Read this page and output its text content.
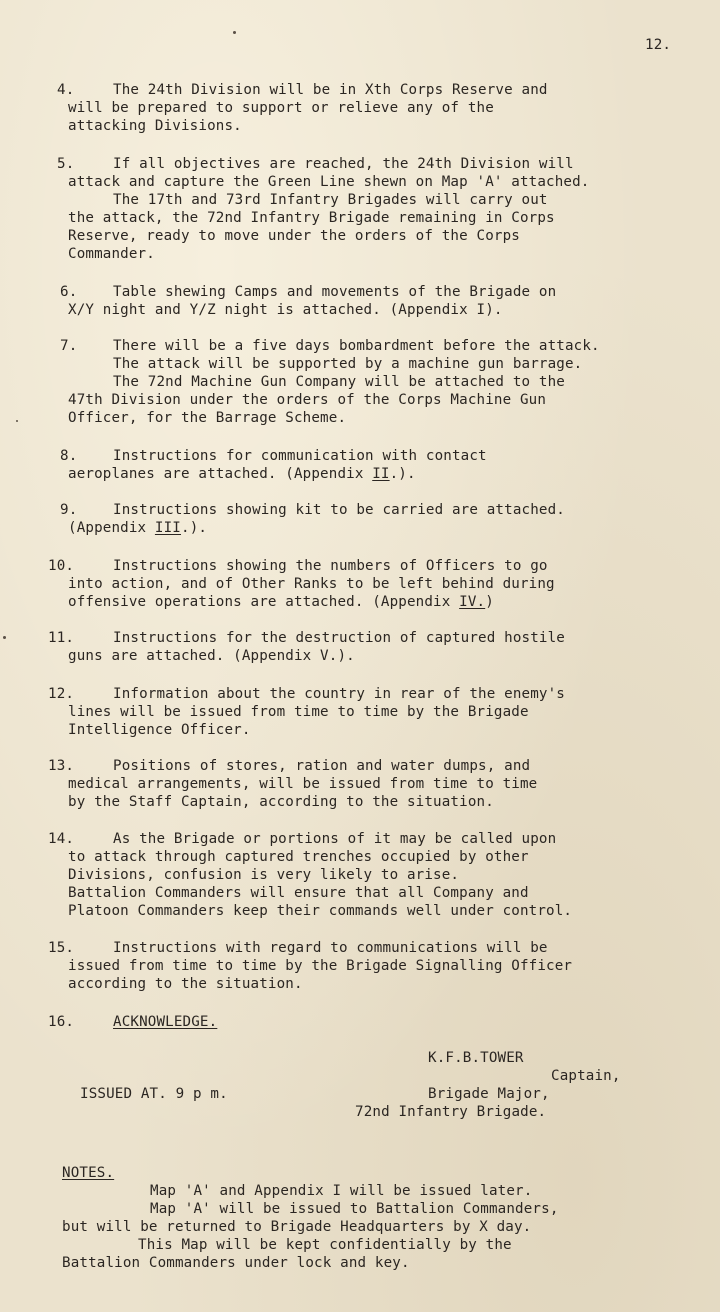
12.
4.	The 24th Division will be in Xth Corps Reserve and
will be prepared to support or relieve any of the
attacking Divisions.
5.	If all objectives are reached, the 24th Division will
attack and capture the Green Line shewn on Map 'A' attached.
The 17th and 73rd Infantry Brigades will carry out
the attack, the 72nd Infantry Brigade remaining in Corps
Reserve, ready to move under the orders of the Corps
Commander.
6.	Table shewing Camps and movements of the Brigade on
X/Y night and Y/Z night is attached. (Appendix I).
7.	There will be a five days bombardment before the attack.
The attack will be supported by a machine gun barrage.
The 72nd Machine Gun Company will be attached to the
47th Division under the orders of the Corps Machine Gun
Officer, for the Barrage Scheme.
8.	Instructions for communication with contact
aeroplanes are attached. (Appendix II.).
9.	Instructions showing kit to be carried are attached.
(Appendix III.).
10.	Instructions showing the numbers of Officers to go
into action, and of Other Ranks to be left behind during
offensive operations are attached. (Appendix IV.)
11.	Instructions for the destruction of captured hostile
guns are attached. (Appendix V.).
12.	Information about the country in rear of the enemy's
lines will be issued from time to time by the Brigade
Intelligence Officer.
13.	Positions of stores, ration and water dumps, and
medical arrangements, will be issued from time to time
by the Staff Captain, according to the situation.
14.	As the Brigade or portions of it may be called upon
to attack through captured trenches occupied by other
Divisions, confusion is very likely to arise.
Battalion Commanders will ensure that all Company and
Platoon Commanders keep their commands well under control.
15.	Instructions with regard to communications will be
issued from time to time by the Brigade Signalling Officer
according to the situation.
16.	ACKNOWLEDGE.
K.F.B.TOWER
Captain,
ISSUED AT. 9 p m.	Brigade Major,
72nd Infantry Brigade.
NOTES.
Map 'A' and Appendix I will be issued later.
Map 'A' will be issued to Battalion Commanders,
but will be returned to Brigade Headquarters by X day.
This Map will be kept confidentially by the
Battalion Commanders under lock and key.
